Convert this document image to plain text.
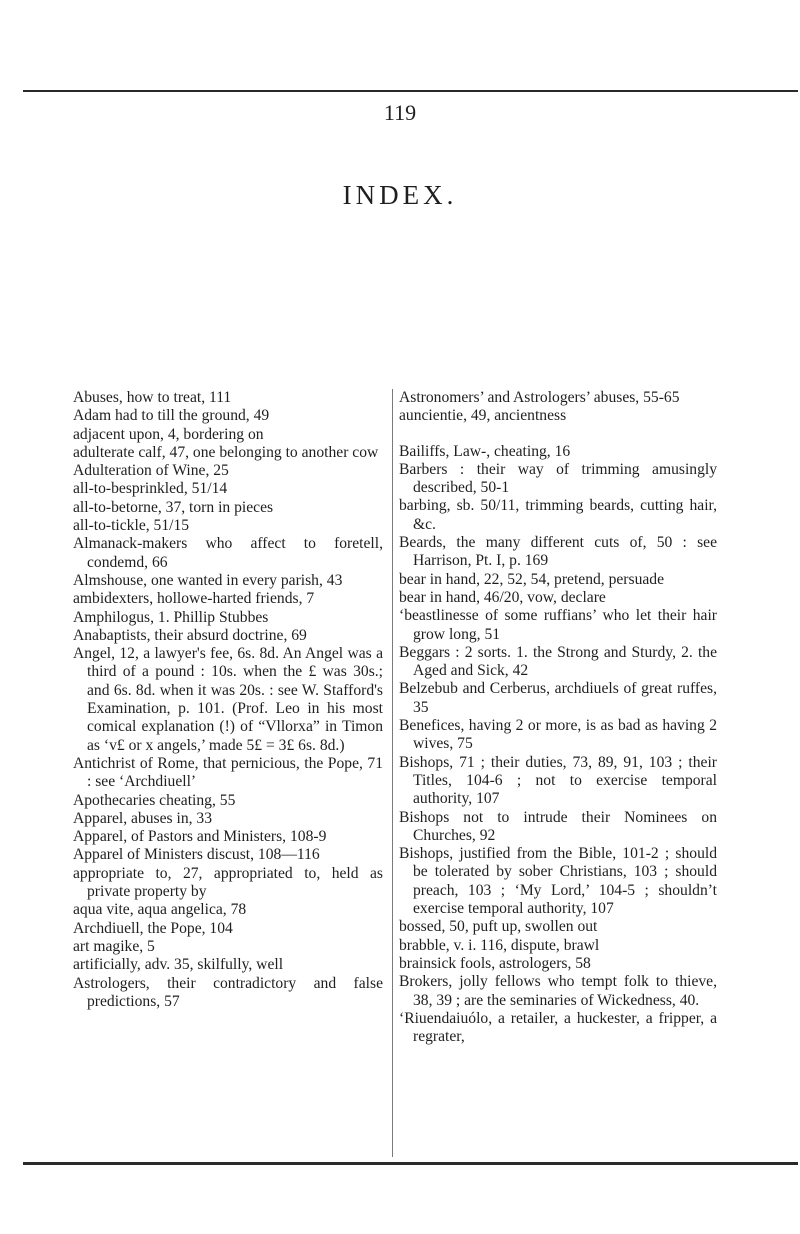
119
INDEX.
Abuses, how to treat, 111
Adam had to till the ground, 49
adjacent upon, 4, bordering on
adulterate calf, 47, one belonging to another cow
Adulteration of Wine, 25
all-to-besprinkled, 51/14
all-to-betorne, 37, torn in pieces
all-to-tickle, 51/15
Almanack-makers who affect to foretell, condemd, 66
Almshouse, one wanted in every parish, 43
ambidexters, hollowe-harted friends, 7
Amphilogus, 1. Phillip Stubbes
Anabaptists, their absurd doctrine, 69
Angel, 12, a lawyer's fee, 6s. 8d. An Angel was a third of a pound : 10s. when the £ was 30s.; and 6s. 8d. when it was 20s. : see W. Stafford's Examination, p. 101. (Prof. Leo in his most comical explanation (!) of “Vllorxa” in Timon as ‘v£ or x angels,’ made 5£ = 3£ 6s. 8d.)
Antichrist of Rome, that pernicious, the Pope, 71 : see ‘Archdiuell’
Apothecaries cheating, 55
Apparel, abuses in, 33
Apparel, of Pastors and Ministers, 108-9
Apparel of Ministers discust, 108—116
appropriate to, 27, appropriated to, held as private property by
aqua vite, aqua angelica, 78
Archdiuell, the Pope, 104
art magike, 5
artificially, adv. 35, skilfully, well
Astrologers, their contradictory and false predictions, 57
Astronomers’ and Astrologers’ abuses, 55-65
auncientie, 49, ancientness
Bailiffs, Law-, cheating, 16
Barbers : their way of trimming amusingly described, 50-1
barbing, sb. 50/11, trimming beards, cutting hair, &c.
Beards, the many different cuts of, 50 : see Harrison, Pt. I, p. 169
bear in hand, 22, 52, 54, pretend, persuade
bear in hand, 46/20, vow, declare
‘beastlinesse of some ruffians’ who let their hair grow long, 51
Beggars : 2 sorts. 1. the Strong and Sturdy, 2. the Aged and Sick, 42
Belzebub and Cerberus, archdiuels of great ruffes, 35
Benefices, having 2 or more, is as bad as having 2 wives, 75
Bishops, 71 ; their duties, 73, 89, 91, 103 ; their Titles, 104-6 ; not to exercise temporal authority, 107
Bishops not to intrude their Nominees on Churches, 92
Bishops, justified from the Bible, 101-2 ; should be tolerated by sober Christians, 103 ; should preach, 103 ; ‘My Lord,’ 104-5 ; shouldn’t exercise temporal authority, 107
bossed, 50, puft up, swollen out
brabble, v. i. 116, dispute, brawl
brainsick fools, astrologers, 58
Brokers, jolly fellows who tempt folk to thieve, 38, 39 ; are the seminaries of Wickedness, 40.
‘Riuendaiuólo, a retailer, a huckester, a fripper, a regrater,
